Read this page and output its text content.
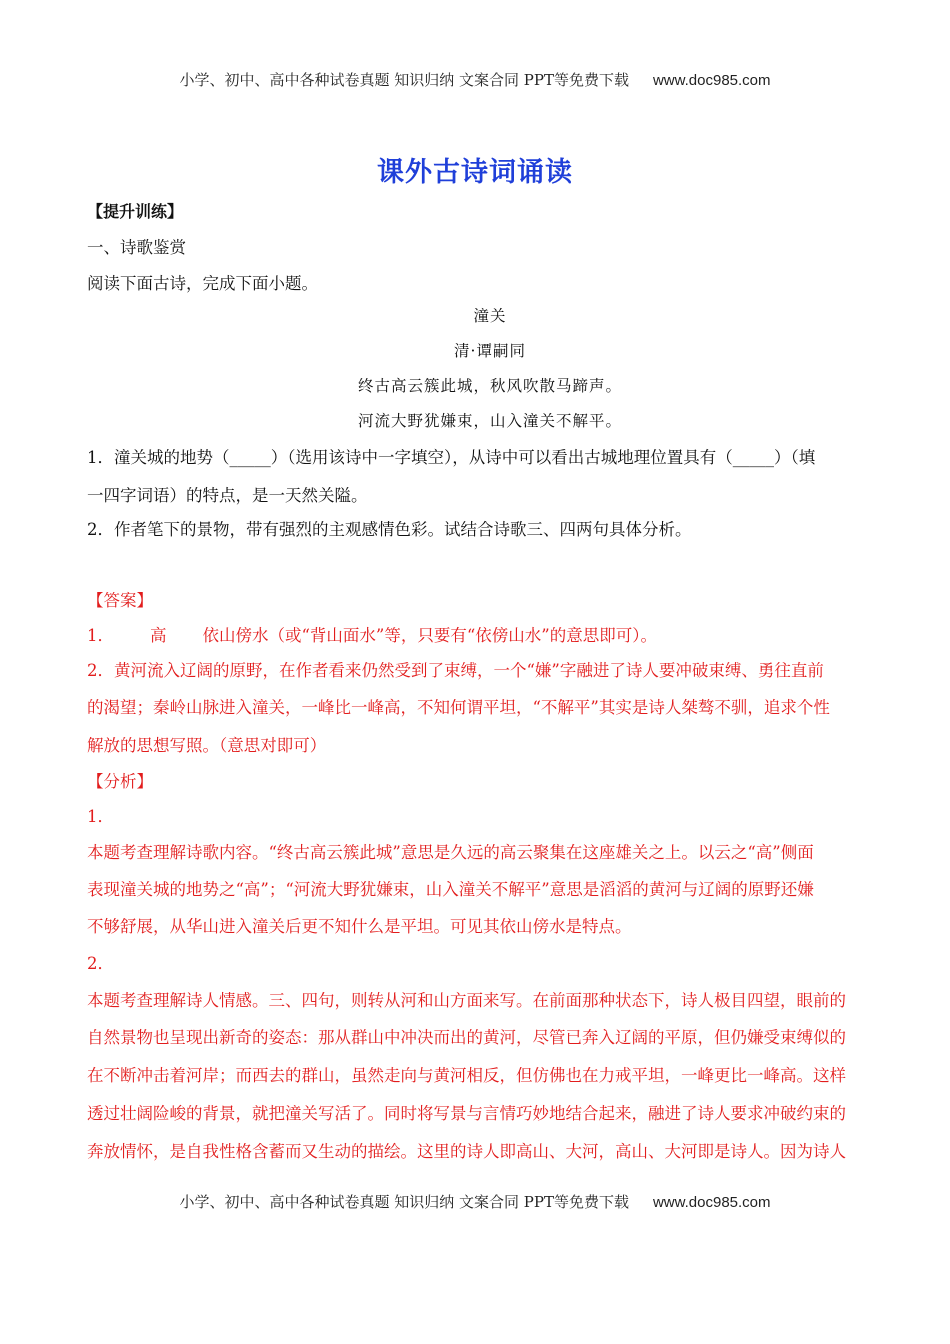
小学、初中、高中各种试卷真题 知识归纳 文案合同 PPT等免费下载 www.doc985.com
课外古诗词诵读
【提升训练】
一、诗歌鉴赏
阅读下面古诗，完成下面小题。
潼关
清·谭嗣同
终古高云簇此城，秋风吹散马蹄声。
河流大野犹嫌束，山入潼关不解平。
1．潼关城的地势（_____）（选用该诗中一字填空），从诗中可以看出古城地理位置具有（_____）（填
一四字词语）的特点，是一天然关隘。
2．作者笔下的景物，带有强烈的主观感情色彩。试结合诗歌三、四两句具体分析。
【答案】
1． 高 依山傍水（或“背山面水”等，只要有“依傍山水”的意思即可）。
2．黄河流入辽阔的原野，在作者看来仍然受到了束缚，一个“嫌”字融进了诗人要冲破束缚、勇往直前
的渴望；秦岭山脉进入潼关，一峰比一峰高，不知何谓平坦，“不解平”其实是诗人桀骜不驯，追求个性
解放的思想写照。（意思对即可）
【分析】
1．
本题考查理解诗歌内容。“终古高云簇此城”意思是久远的高云聚集在这座雄关之上。以云之“高”侧面
表现潼关城的地势之“高”；“河流大野犹嫌束，山入潼关不解平”意思是滔滔的黄河与辽阔的原野还嫌
不够舒展，从华山进入潼关后更不知什么是平坦。可见其依山傍水是特点。
2．
本题考查理解诗人情感。三、四句，则转从河和山方面来写。在前面那种状态下，诗人极目四望，眼前的
自然景物也呈现出新奇的姿态：那从群山中冲决而出的黄河，尽管已奔入辽阔的平原，但仍嫌受束缚似的
在不断冲击着河岸；而西去的群山，虽然走向与黄河相反，但仿佛也在力戒平坦，一峰更比一峰高。这样
透过壮阔险峻的背景，就把潼关写活了。同时将写景与言情巧妙地结合起来，融进了诗人要求冲破约束的
奔放情怀，是自我性格含蓄而又生动的描绘。这里的诗人即高山、大河，高山、大河即是诗人。因为诗人
小学、初中、高中各种试卷真题 知识归纳 文案合同 PPT等免费下载 www.doc985.com
